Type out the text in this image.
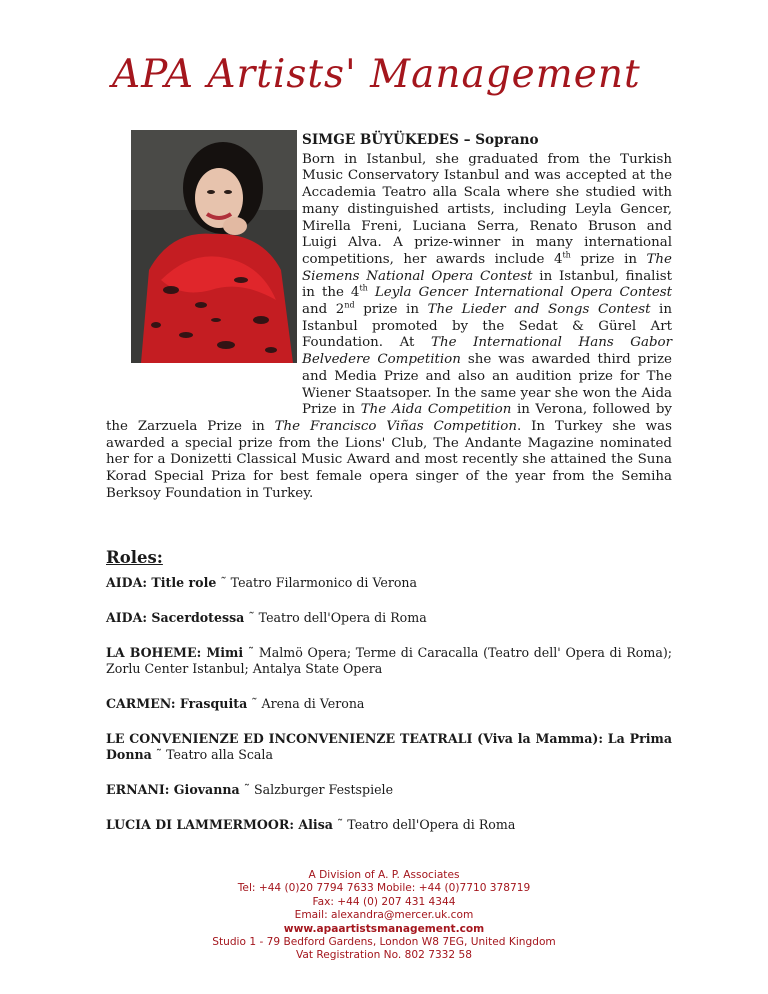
APA Artists' Management
SIMGE BÜYÜKEDES – Soprano

Born in Istanbul, she graduated from the Turkish Music Conservatory Istanbul and was accepted at the Accademia Teatro alla Scala where she studied with many distinguished artists, including Leyla Gencer, Mirella Freni, Luciana Serra, Renato Bruson and Luigi Alva. A prize-winner in many international competitions, her awards include 4th prize in The Siemens National Opera Contest in Istanbul, finalist in the 4th Leyla Gencer International Opera Contest and 2nd prize in The Lieder and Songs Contest in Istanbul promoted by the Sedat & Gürel Art Foundation. At The International Hans Gabor Belvedere Competition she was awarded third prize and Media Prize and also an audition prize for The Wiener Staatsoper. In the same year she won the Aida Prize in The Aida Competition in Verona, followed by the Zarzuela Prize in The Francisco Viñas Competition. In Turkey she was awarded a special prize from the Lions' Club, The Andante Magazine nominated her for a Donizetti Classical Music Award and most recently she attained the Suna Korad Special Priza for best female opera singer of the year from the Semiha Berksoy Foundation in Turkey.

Roles:
AIDA: Title role ˜ Teatro Filarmonico di Verona
AIDA: Sacerdotessa ˜ Teatro dell'Opera di Roma
LA BOHEME: Mimi ˜ Malmö Opera; Terme di Caracalla (Teatro dell' Opera di Roma); Zorlu Center Istanbul; Antalya State Opera
CARMEN: Frasquita ˜ Arena di Verona
LE CONVENIENZE ED INCONVENIENZE TEATRALI (Viva la Mamma): La Prima Donna ˜ Teatro alla Scala
ERNANI: Giovanna ˜ Salzburger Festspiele
LUCIA DI LAMMERMOOR: Alisa ˜ Teatro dell'Opera di Roma
A Division of A. P. Associates
Tel: +44 (0)20 7794 7633 Mobile: +44 (0)7710 378719
Fax: +44 (0) 207 431 4344
Email: alexandra@mercer.uk.com
www.apaartistsmanagement.com
Studio 1 - 79 Bedford Gardens, London W8 7EG, United Kingdom
Vat Registration No. 802 7332 58
